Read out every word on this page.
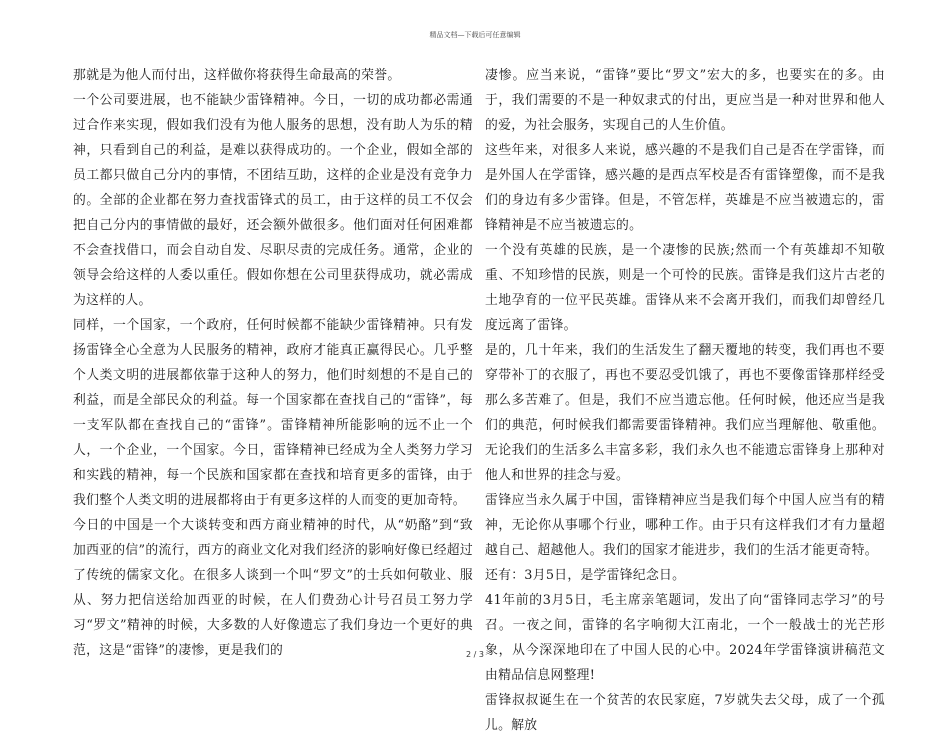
精品文档—下载后可任意编辑

那就是为他人而付出，这样做你将获得生命最高的荣誉。

一个公司要进展，也不能缺少雷锋精神。今日，一切的成功都必需通过合作来实现，假如我们没有为他人服务的思想，没有助人为乐的精神，只看到自己的利益，是难以获得成功的。一个企业，假如全部的员工都只做自己分内的事情，不团结互助，这样的企业是没有竞争力的。全部的企业都在努力查找雷锋式的员工，由于这样的员工不仅会把自己分内的事情做的最好，还会额外做很多。他们面对任何困难都不会查找借口，而会自动自发、尽职尽责的完成任务。通常，企业的领导会给这样的人委以重任。假如你想在公司里获得成功，就必需成为这样的人。

同样，一个国家，一个政府，任何时候都不能缺少雷锋精神。只有发扬雷锋全心全意为人民服务的精神，政府才能真正赢得民心。几乎整个人类文明的进展都依靠于这种人的努力，他们时刻想的不是自己的利益，而是全部民众的利益。每一个国家都在查找自己的“雷锋”，每一支军队都在查找自己的“雷锋”。雷锋精神所能影响的远不止一个人，一个企业，一个国家。今日，雷锋精神已经成为全人类努力学习和实践的精神，每一个民族和国家都在查找和培育更多的雷锋，由于我们整个人类文明的进展都将由于有更多这样的人而变的更加奇特。

今日的中国是一个大谈转变和西方商业精神的时代，从“奶酪”到“致加西亚的信”的流行，西方的商业文化对我们经济的影响好像已经超过了传统的儒家文化。在很多人谈到一个叫“罗文”的士兵如何敬业、服从、努力把信送给加西亚的时候，在人们费劲心计号召员工努力学习“罗文”精神的时候，大多数的人好像遗忘了我们身边一个更好的典范，这是“雷锋”的凄惨，更是我们的

凄惨。应当来说，“雷锋”要比“罗文”宏大的多，也要实在的多。由于，我们需要的不是一种奴隶式的付出，更应当是一种对世界和他人的爱，为社会服务，实现自己的人生价值。

这些年来，对很多人来说，感兴趣的不是我们自己是否在学雷锋，而是外国人在学雷锋，感兴趣的是西点军校是否有雷锋塑像，而不是我们的身边有多少雷锋。但是，不管怎样，英雄是不应当被遗忘的，雷锋精神是不应当被遗忘的。

一个没有英雄的民族，是一个凄惨的民族;然而一个有英雄却不知敬重、不知珍惜的民族，则是一个可怜的民族。雷锋是我们这片古老的土地孕育的一位平民英雄。雷锋从来不会离开我们，而我们却曾经几度远离了雷锋。

是的，几十年来，我们的生活发生了翻天覆地的转变，我们再也不要穿带补丁的衣服了，再也不要忍受饥饿了，再也不要像雷锋那样经受那么多苦难了。但是，我们不应当遗忘他。任何时候，他还应当是我们的典范，何时候我们都需要雷锋精神。我们应当理解他、敬重他。无论我们的生活多么丰富多彩，我们永久也不能遗忘雷锋身上那种对他人和世界的挂念与爱。

雷锋应当永久属于中国，雷锋精神应当是我们每个中国人应当有的精神，无论你从事哪个行业，哪种工作。由于只有这样我们才有力量超越自己、超越他人。我们的国家才能进步，我们的生活才能更奇特。

还有：3月5日，是学雷锋纪念日。

41年前的3月5日，毛主席亲笔题词，发出了向“雷锋同志学习”的号召。一夜之间，雷锋的名字响彻大江南北，一个一般战士的光芒形象，从今深深地印在了中国人民的心中。2024年学雷锋演讲稿范文由精品信息网整理!

雷锋叔叔诞生在一个贫苦的农民家庭，7岁就失去父母，成了一个孤儿。解放

2 / 3
